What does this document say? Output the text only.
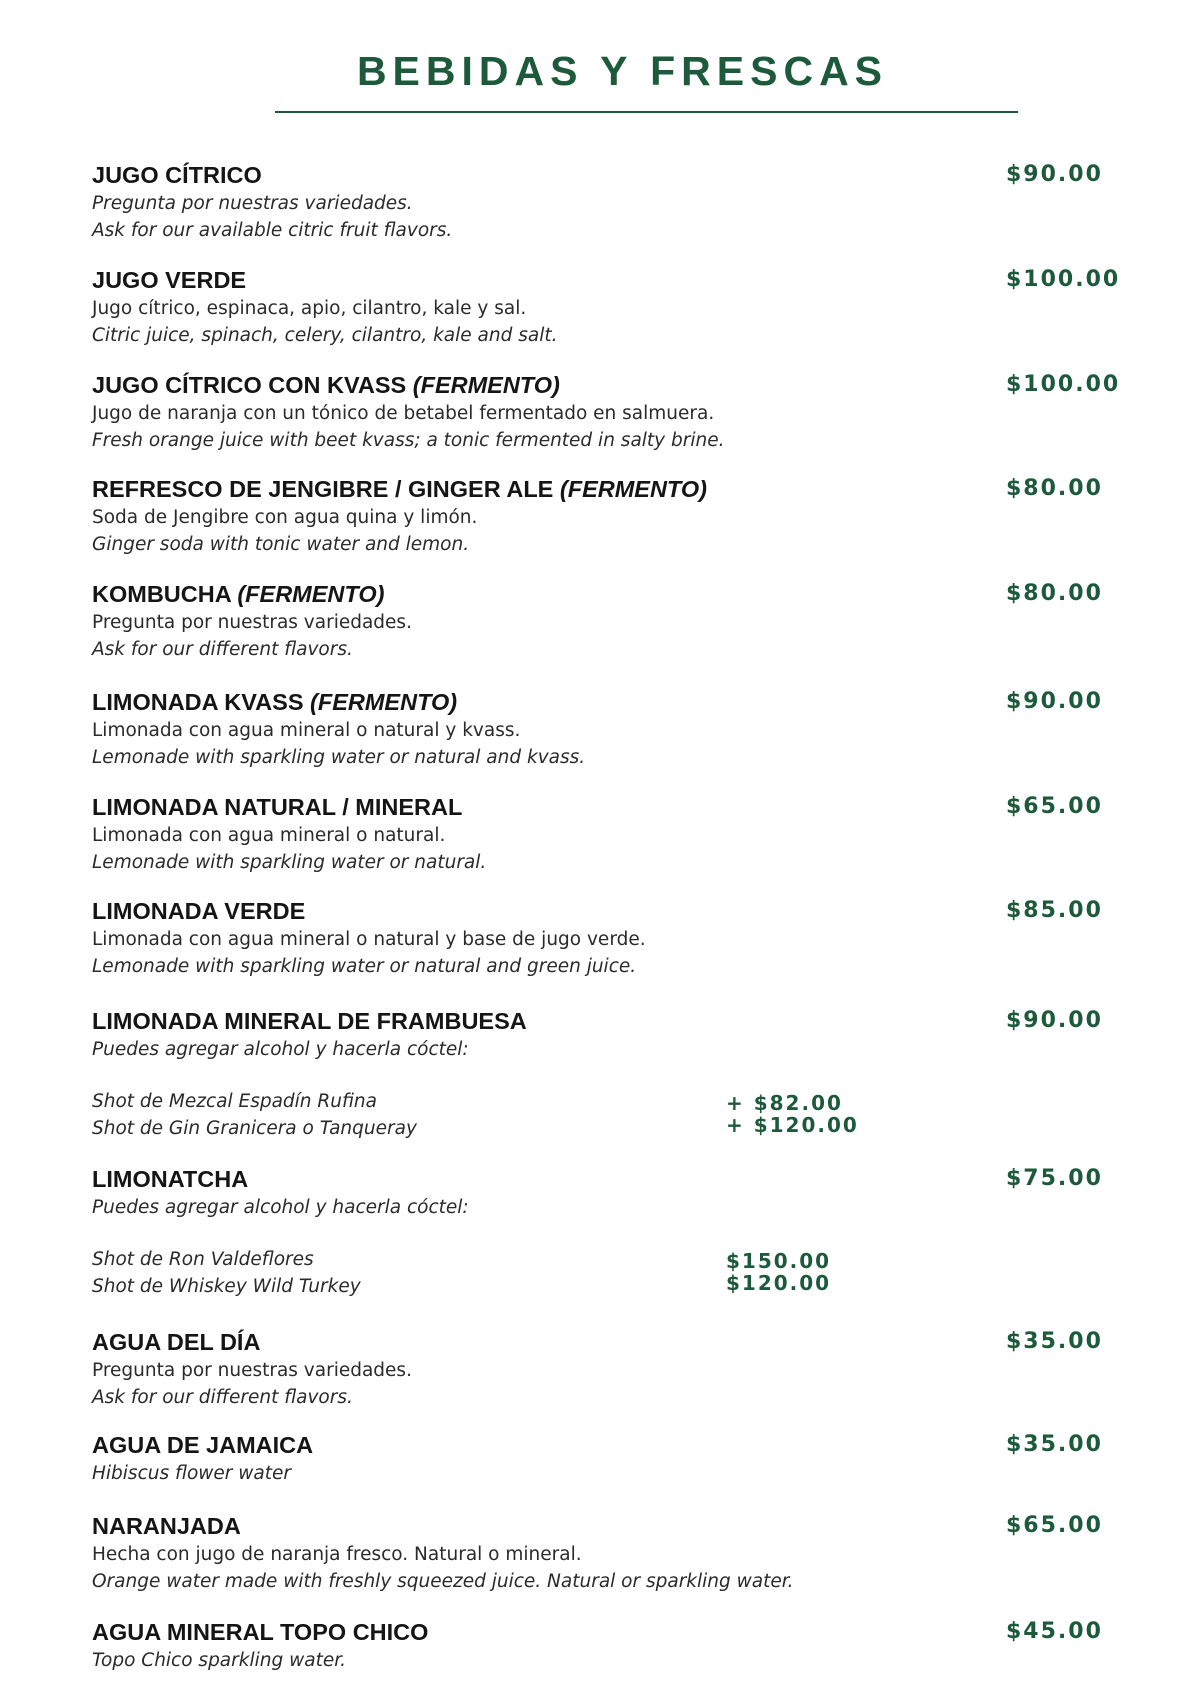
BEBIDAS Y FRESCAS
JUGO CÍTRICO	$90.00
Pregunta por nuestras variedades.
Ask for our available citric fruit flavors.
JUGO VERDE	$100.00
Jugo cítrico, espinaca, apio, cilantro, kale y sal.
Citric juice, spinach, celery, cilantro, kale and salt.
JUGO CÍTRICO CON KVASS (FERMENTO)	$100.00
Jugo de naranja con un tónico de betabel fermentado en salmuera.
Fresh orange juice with beet kvass; a tonic fermented in salty brine.
REFRESCO DE JENGIBRE / GINGER ALE (FERMENTO)	$80.00
Soda de Jengibre con agua quina y limón.
Ginger soda with tonic water and lemon.
KOMBUCHA (FERMENTO)	$80.00
Pregunta por nuestras variedades.
Ask for our different flavors.
LIMONADA KVASS (FERMENTO)	$90.00
Limonada con agua mineral o natural y kvass.
Lemonade with sparkling water or natural and kvass.
LIMONADA NATURAL / MINERAL	$65.00
Limonada con agua mineral o natural.
Lemonade with sparkling water or natural.
LIMONADA VERDE	$85.00
Limonada con agua mineral o natural y base de jugo verde.
Lemonade with sparkling water or natural and green juice.
LIMONADA MINERAL DE FRAMBUESA	$90.00
Puedes agregar alcohol y hacerla cóctel:
Shot de Mezcal Espadín Rufina	+ $82.00
Shot de Gin Granicera o Tanqueray	+ $120.00
LIMONATCHA	$75.00
Puedes agregar alcohol y hacerla cóctel:
Shot de Ron Valdeflores	$150.00
Shot de Whiskey Wild Turkey	$120.00
AGUA DEL DÍA	$35.00
Pregunta por nuestras variedades.
Ask for our different flavors.
AGUA DE JAMAICA	$35.00
Hibiscus flower water
NARANJADA	$65.00
Hecha con jugo de naranja fresco. Natural o mineral.
Orange water made with freshly squeezed juice. Natural or sparkling water.
AGUA MINERAL TOPO CHICO	$45.00
Topo Chico sparkling water.
